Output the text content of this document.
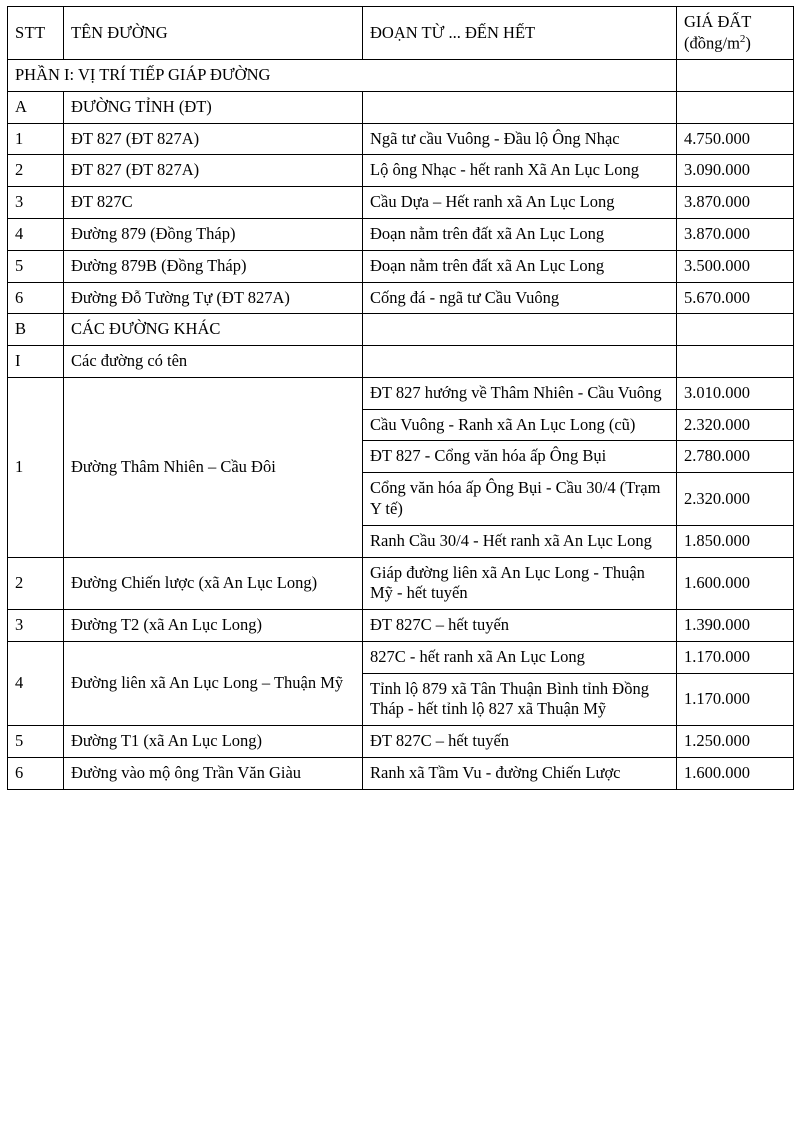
STT	TÊN ĐƯỜNG	ĐOẠN TỪ ... ĐẾN HẾT	GIÁ ĐẤT
$(đồng/m^2)$

PHẦN I: VỊ TRÍ TIẾP GIÁP ĐƯỜNG			
A	ĐƯỜNG TỈNH (ĐT)		
1	ĐT 827 (ĐT 827A)	Ngã tư cầu Vuông - Đầu lộ Ông Nhạc	4.750.000
2	ĐT 827 (ĐT 827A)	Lộ ông Nhạc - hết ranh Xã An Lục Long	3.090.000
3	ĐT 827C	Cầu Dựa – Hết ranh xã An Lục Long	3.870.000
4	Đường 879 (Đồng Tháp)	Đoạn nằm trên đất xã An Lục Long	3.870.000
5	Đường 879B (Đồng Tháp)	Đoạn nằm trên đất xã An Lục Long	3.500.000
6	Đường Đỗ Tường Tự (ĐT 827A)	Cống đá - ngã tư Cầu Vuông	5.670.000
B	CÁC ĐƯỜNG KHÁC		
I	Các đường có tên		
1	Đường Thâm Nhiên – Cầu Đôi	ĐT 827 hướng về Thâm Nhiên - Cầu Vuông	3.010.000
		Cầu Vuông - Ranh xã An Lục Long (cũ)	2.320.000
		ĐT 827 - Cổng văn hóa ấp Ông Bụi	2.780.000
		Cổng văn hóa ấp Ông Bụi - Cầu 30/4 (Trạm Y tế)	2.320.000
		Ranh Cầu 30/4 - Hết ranh xã An Lục Long	1.850.000
2	Đường Chiến lược (xã An Lục Long)	Giáp đường liên xã An Lục Long - Thuận Mỹ - hết tuyến	1.600.000
3	Đường T2 (xã An Lục Long)	ĐT 827C – hết tuyến	1.390.000
4	Đường liên xã An Lục Long – Thuận Mỹ	827C - hết ranh xã An Lục Long	1.170.000
		Tỉnh lộ 879 xã Tân Thuận Bình tỉnh Đồng Tháp - hết tỉnh lộ 827 xã Thuận Mỹ	1.170.000
5	Đường T1 (xã An Lục Long)	ĐT 827C – hết tuyến	1.250.000
6	Đường vào mộ ông Trần Văn Giàu	Ranh xã Tầm Vu - đường Chiến Lược	1.600.000
